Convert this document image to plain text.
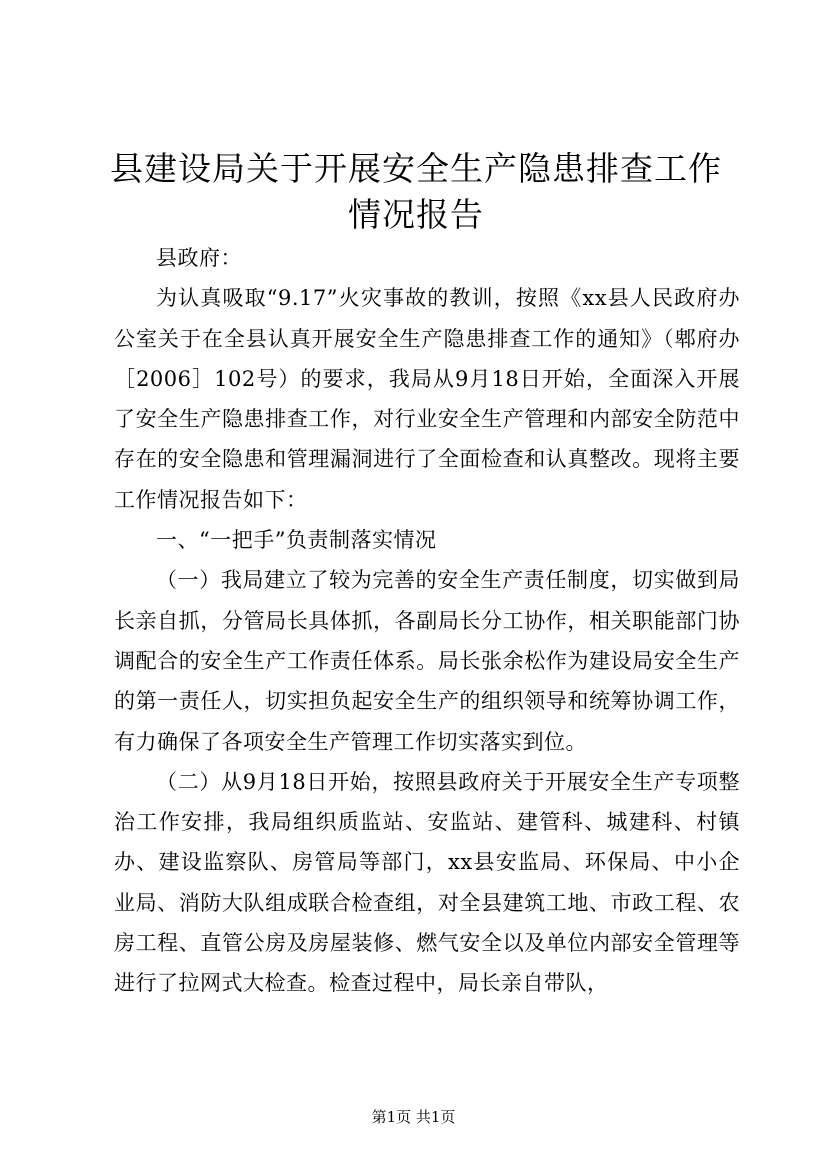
县建设局关于开展安全生产隐患排查工作情况报告

县政府：

为认真吸取“9.17”火灾事故的教训，按照《xx县人民政府办公室关于在全县认真开展安全生产隐患排查工作的通知》（郫府办［2006］102号）的要求，我局从9月18日开始，全面深入开展了安全生产隐患排查工作，对行业安全生产管理和内部安全防范中存在的安全隐患和管理漏洞进行了全面检查和认真整改。现将主要工作情况报告如下：

一、“一把手”负责制落实情况

（一）我局建立了较为完善的安全生产责任制度，切实做到局长亲自抓，分管局长具体抓，各副局长分工协作，相关职能部门协调配合的安全生产工作责任体系。局长张余松作为建设局安全生产的第一责任人，切实担负起安全生产的组织领导和统筹协调工作，有力确保了各项安全生产管理工作切实落实到位。

（二）从9月18日开始，按照县政府关于开展安全生产专项整治工作安排，我局组织质监站、安监站、建管科、城建科、村镇办、建设监察队、房管局等部门，xx县安监局、环保局、中小企业局、消防大队组成联合检查组，对全县建筑工地、市政工程、农房工程、直管公房及房屋装修、燃气安全以及单位内部安全管理等进行了拉网式大检查。检查过程中，局长亲自带队，

第1页 共1页
